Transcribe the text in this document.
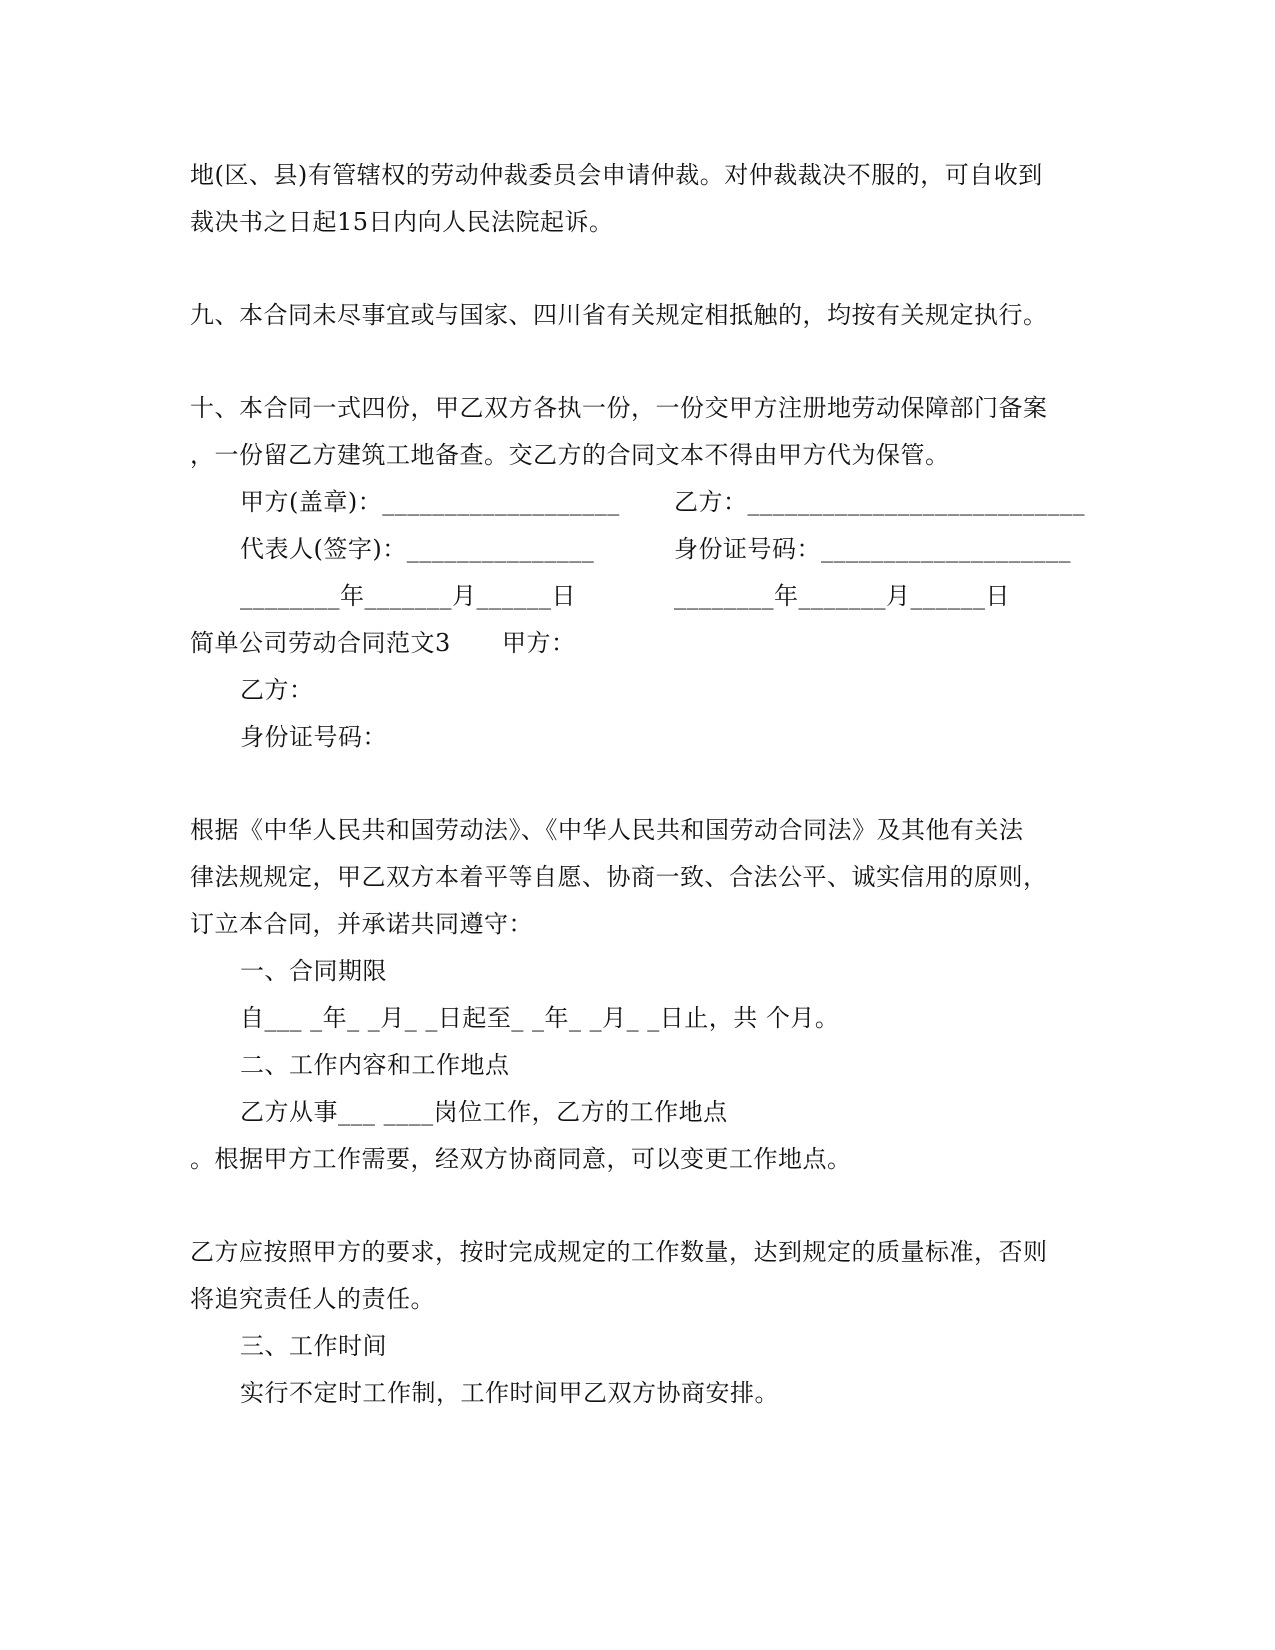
地(区、县)有管辖权的劳动仲裁委员会申请仲裁。对仲裁裁决不服的，可自收到
裁决书之日起15日内向人民法院起诉。
九、本合同未尽事宜或与国家、四川省有关规定相抵触的，均按有关规定执行。
十、本合同一式四份，甲乙双方各执一份，一份交甲方注册地劳动保障部门备案
，一份留乙方建筑工地备查。交乙方的合同文本不得由甲方代为保管。
甲方(盖章)：___________________ 乙方：___________________________
代表人(签字)：_______________	身份证号码：____________________
________年_______月______日	________年_______月______日
简单公司劳动合同范文3 甲方：
乙方：
身份证号码：
根据《中华人民共和国劳动法》、《中华人民共和国劳动合同法》及其他有关法
律法规规定，甲乙双方本着平等自愿、协商一致、合法公平、诚实信用的原则，
订立本合同，并承诺共同遵守：
一、合同期限
自___ _年_ _月_ _日起至_ _年_ _月_ _日止，共 个月。
二、工作内容和工作地点
乙方从事___ ____岗位工作，乙方的工作地点
。根据甲方工作需要，经双方协商同意，可以变更工作地点。
乙方应按照甲方的要求，按时完成规定的工作数量，达到规定的质量标准，否则
将追究责任人的责任。
三、工作时间
实行不定时工作制，工作时间甲乙双方协商安排。
